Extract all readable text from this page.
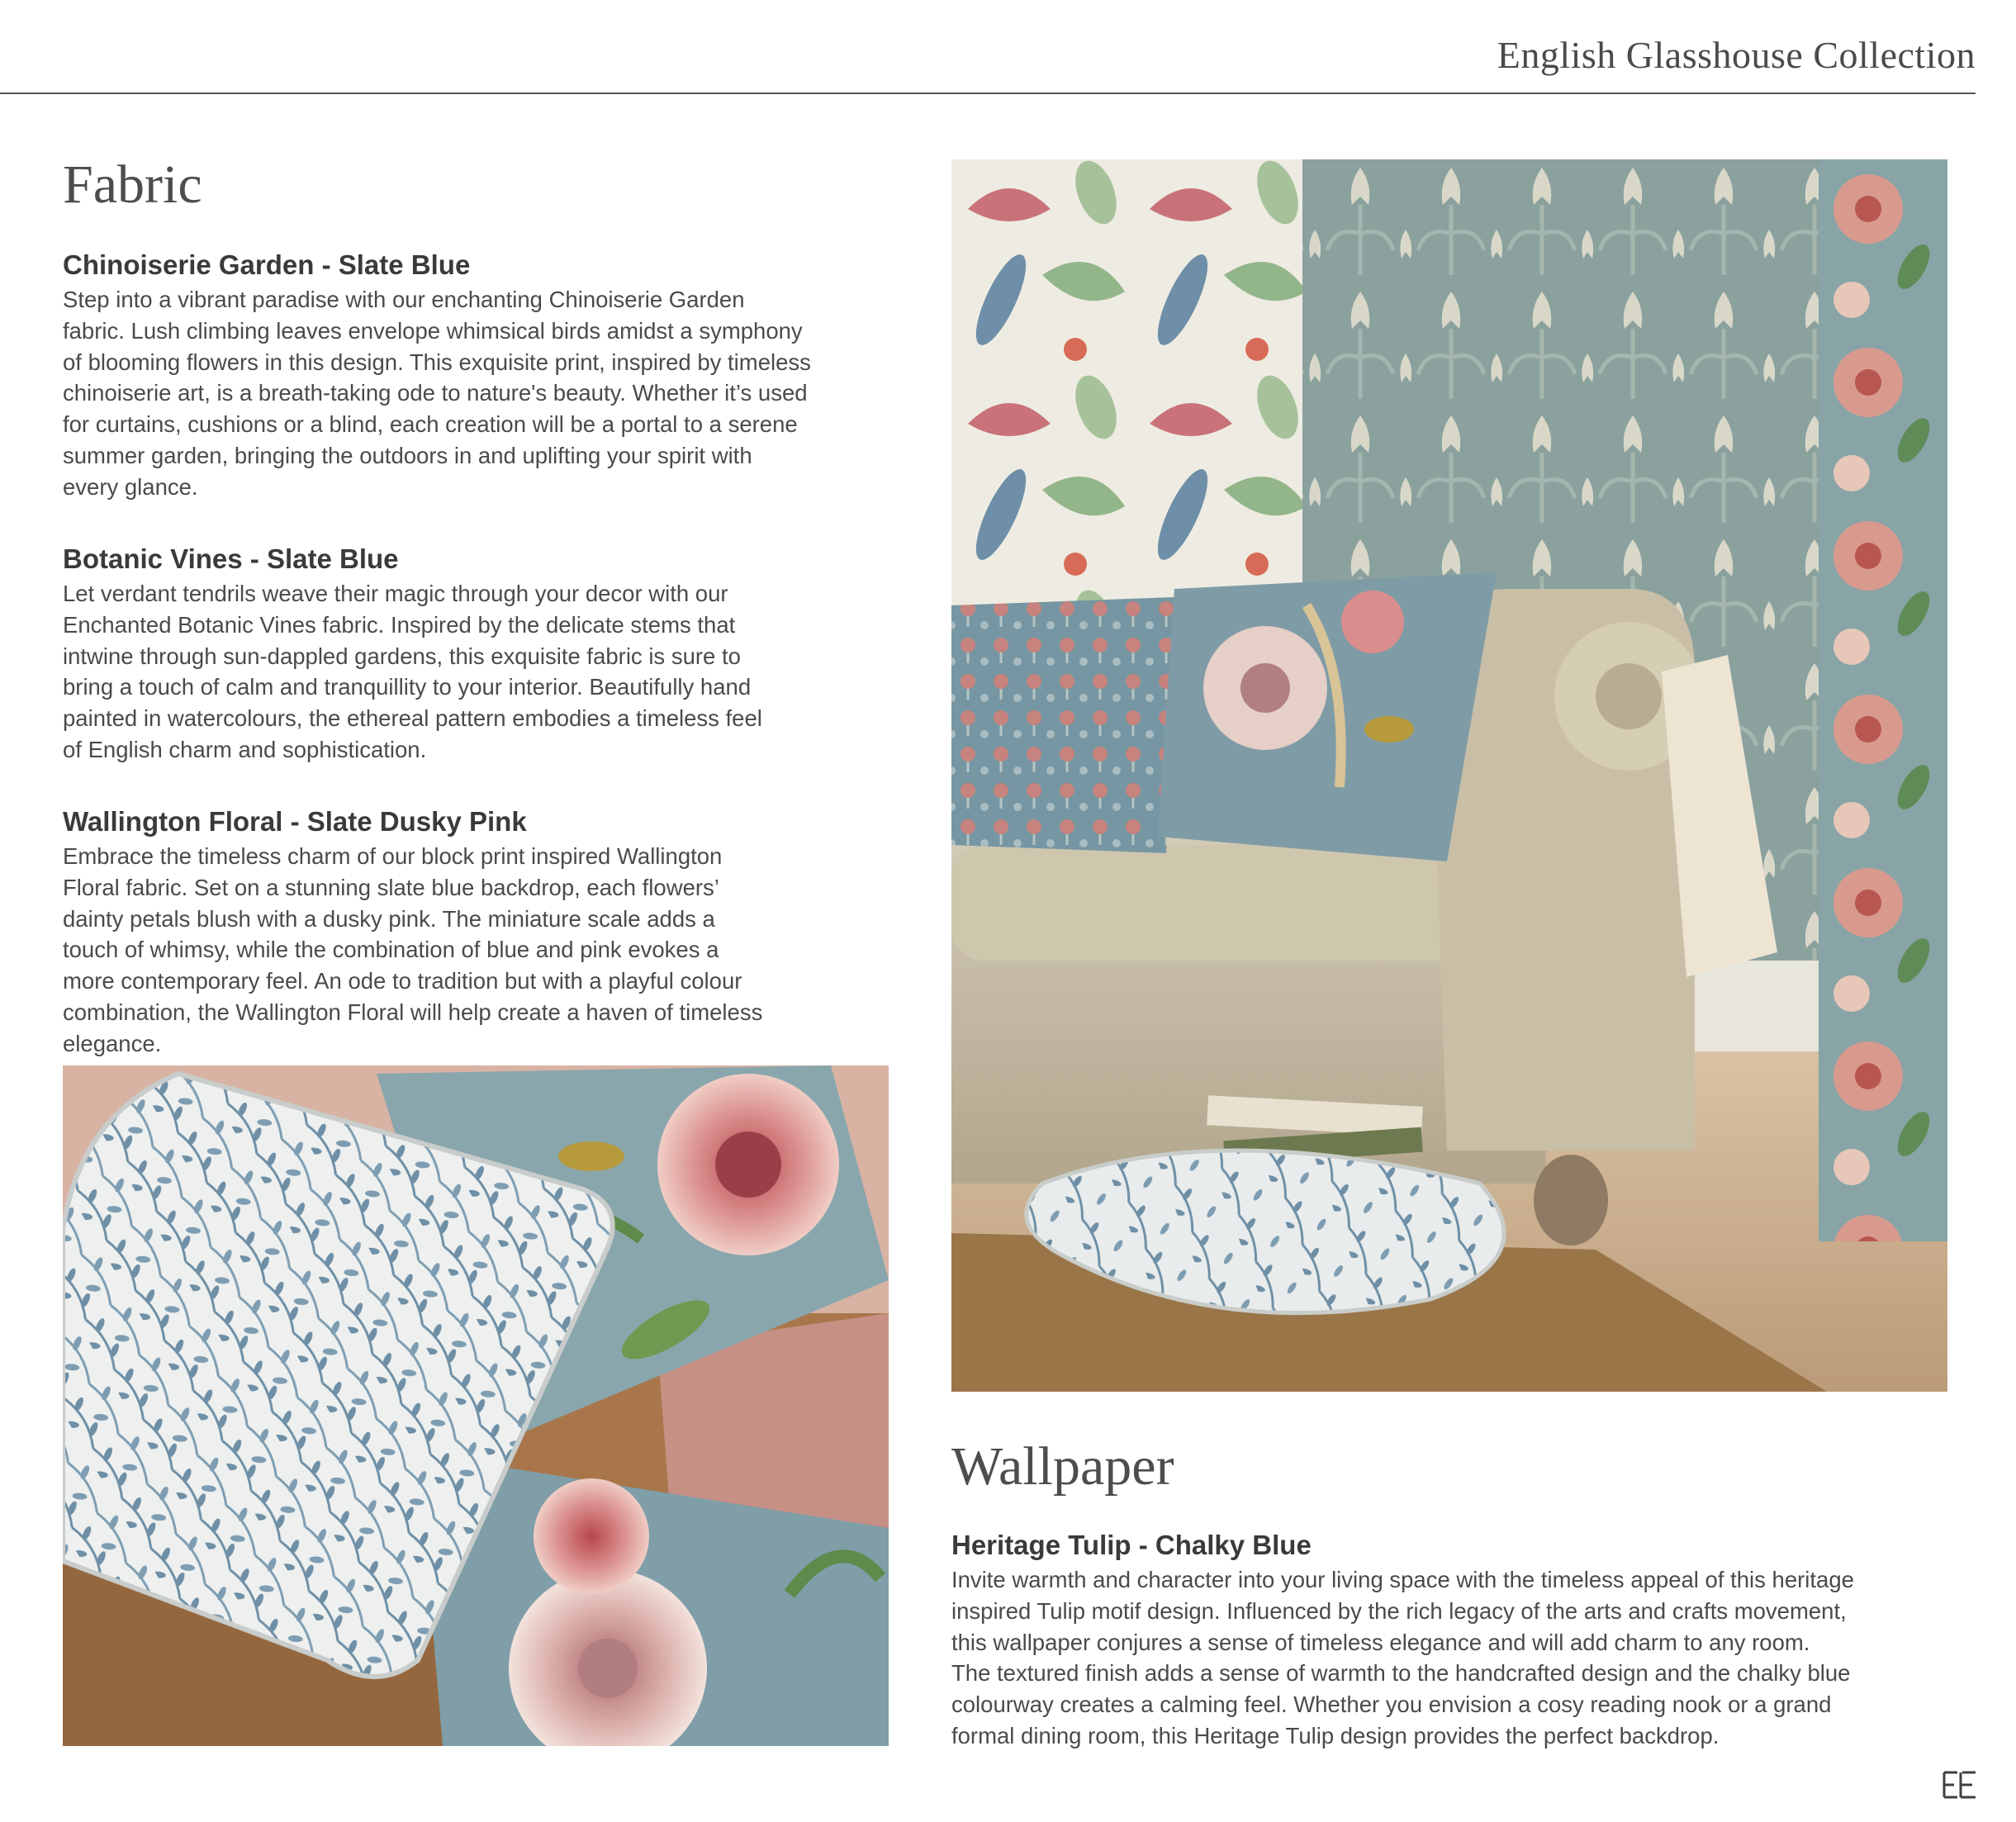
English Glasshouse Collection
Fabric
Chinoiserie Garden - Slate Blue

Step into a vibrant paradise with our enchanting Chinoiserie Garden
fabric. Lush climbing leaves envelope whimsical birds amidst a symphony
of blooming flowers in this design. This exquisite print, inspired by timeless
chinoiserie art, is a breath-taking ode to nature's beauty. Whether it’s used
for curtains, cushions or a blind, each creation will be a portal to a serene
summer garden, bringing the outdoors in and uplifting your spirit with
every glance.

Botanic Vines - Slate Blue

Let verdant tendrils weave their magic through your decor with our
Enchanted Botanic Vines fabric. Inspired by the delicate stems that
intwine through sun-dappled gardens, this exquisite fabric is sure to
bring a touch of calm and tranquillity to your interior. Beautifully hand
painted in watercolours, the ethereal pattern embodies a timeless feel
of English charm and sophistication.

Wallington Floral - Slate Dusky Pink

Embrace the timeless charm of our block print inspired Wallington
Floral fabric. Set on a stunning slate blue backdrop, each flowers’
dainty petals blush with a dusky pink. The miniature scale adds a
touch of whimsy, while the combination of blue and pink evokes a
more contemporary feel. An ode to tradition but with a playful colour
combination, the Wallington Floral will help create a haven of timeless
elegance.

Wallpaper
Heritage Tulip - Chalky Blue

Invite warmth and character into your living space with the timeless appeal of this heritage
inspired Tulip motif design. Influenced by the rich legacy of the arts and crafts movement,
this wallpaper conjures a sense of timeless elegance and will add charm to any room.
The textured finish adds a sense of warmth to the handcrafted design and the chalky blue
colourway creates a calming feel. Whether you envision a cosy reading nook or a grand
formal dining room, this Heritage Tulip design provides the perfect backdrop.
